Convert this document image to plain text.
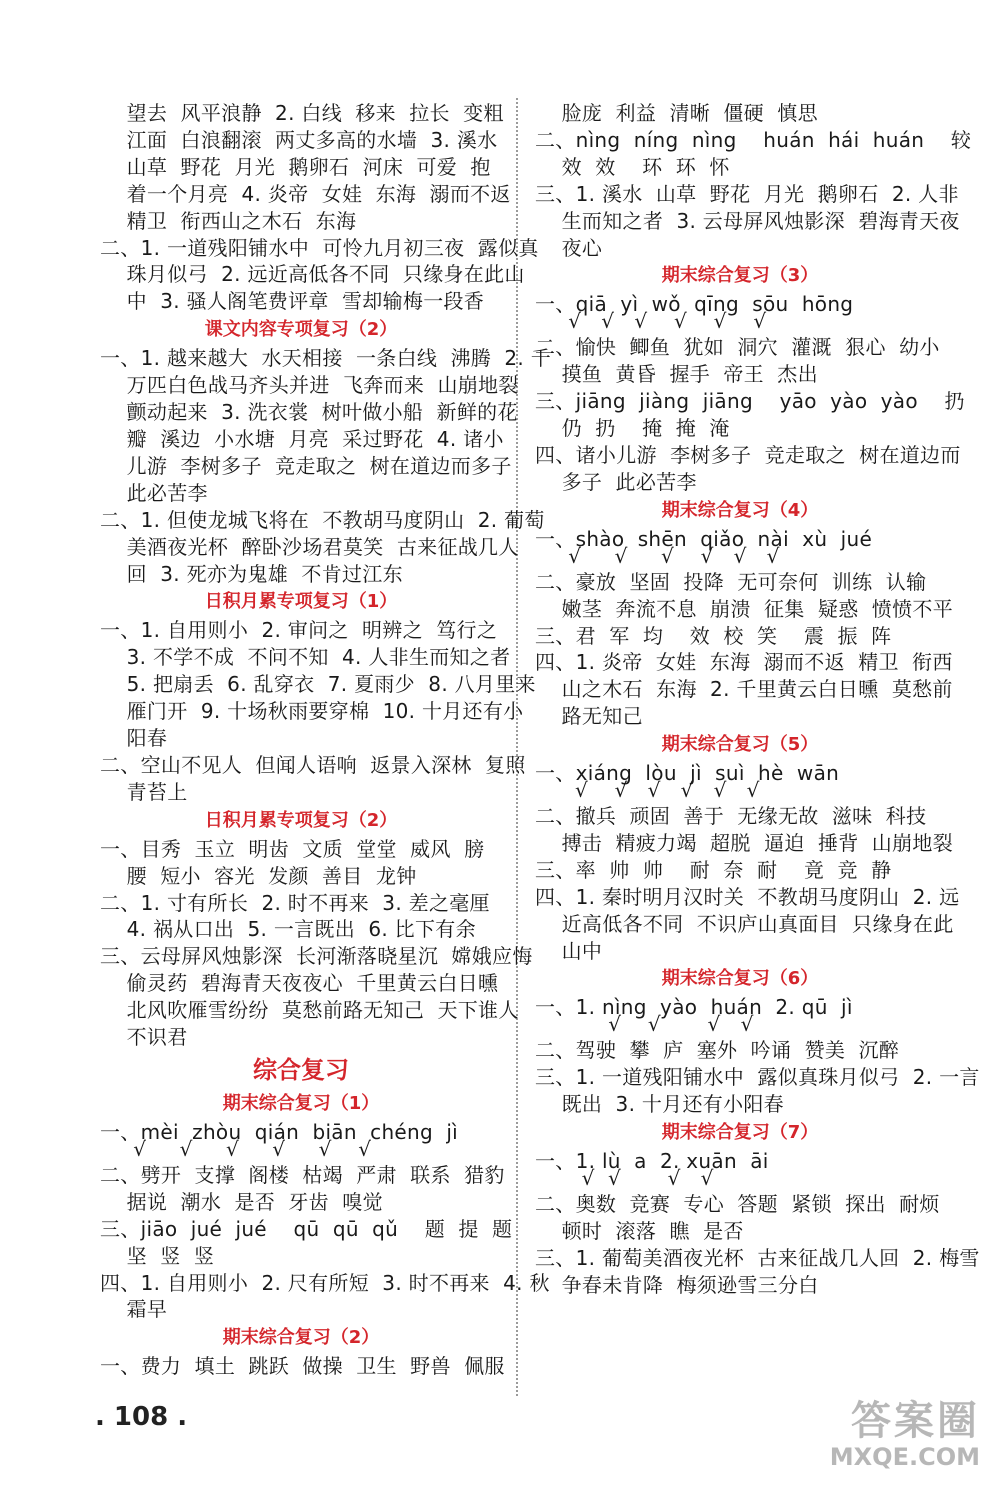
望去  风平浪静  2. 白线  移来  拉长  变粗
江面  白浪翻滚  两丈多高的水墙  3. 溪水
山草  野花  月光  鹅卵石  河床  可爱  抱
着一个月亮  4. 炎帝  女娃  东海  溺而不返
精卫  衔西山之木石  东海
二、1. 一道残阳铺水中  可怜九月初三夜  露似真
珠月似弓  2. 远近高低各不同  只缘身在此山
中  3. 骚人阁笔费评章  雪却输梅一段香
课文内容专项复习（2）
一、1. 越来越大  水天相接  一条白线  沸腾  2. 千
万匹白色战马齐头并进  飞奔而来  山崩地裂
颤动起来  3. 洗衣裳  树叶做小船  新鲜的花
瓣  溪边  小水塘  月亮  采过野花  4. 诸小
儿游  李树多子  竞走取之  树在道边而多子
此必苦李
二、1. 但使龙城飞将在  不教胡马度阴山  2. 葡萄
美酒夜光杯  醉卧沙场君莫笑  古来征战几人
回  3. 死亦为鬼雄  不肯过江东
日积月累专项复习（1）
一、1. 自用则小  2. 审问之  明辨之  笃行之
3. 不学不成  不问不知  4. 人非生而知之者
5. 把扇丢  6. 乱穿衣  7. 夏雨少  8. 八月里来
雁门开  9. 十场秋雨要穿棉  10. 十月还有小
阳春
二、空山不见人  但闻人语响  返景入深林  复照
青苔上
日积月累专项复习（2）
一、目秀  玉立  明齿  文质  堂堂  威风  膀
腰  短小  容光  发颜  善目  龙钟
二、1. 寸有所长  2. 时不再来  3. 差之毫厘
4. 祸从口出  5. 一言既出  6. 比下有余
三、云母屏风烛影深  长河渐落晓星沉  嫦娥应悔
偷灵药  碧海青天夜夜心  千里黄云白日曛
北风吹雁雪纷纷  莫愁前路无知己  天下谁人
不识君
综合复习
期末综合复习（1）
一、mèi  zhòu  qián  biān  chéng  jì
√     √     √     √     √    √
二、劈开  支撑  阁楼  枯竭  严肃  联系  猎豹
据说  潮水  是否  牙齿  嗅觉
三、jiāo  jué  jué    qū  qū  qǔ    题  提  题
坚  竖  竖
四、1. 自用则小  2. 尺有所短  3. 时不再来  4. 秋
霜早
期末综合复习（2）
一、费力  填土  跳跃  做操  卫生  野兽  佩服
脸庞  利益  清晰  僵硬  慎思
二、nìng  níng  nìng    huán  hái  huán    较
效  效    环  环  怀
三、1. 溪水  山草  野花  月光  鹅卵石  2. 人非
生而知之者  3. 云母屏风烛影深  碧海青天夜
夜心
期末综合复习（3）
一、qiā  yì  wǒ  qīng  sōu  hōng
√   √   √    √    √    √
二、愉快  鲫鱼  犹如  洞穴  灌溉  狠心  幼小
摸鱼  黄昏  握手  帝王  杰出
三、jiāng  jiàng  jiāng    yāo  yào  yào    扔
仍  扔    掩  掩  淹
四、诸小儿游  李树多子  竞走取之  树在道边而
多子  此必苦李
期末综合复习（4）
一、shào  shēn  qiǎo  nài  xù  jué
√     √     √    √   √   √
二、豪放  坚固  投降  无可奈何  训练  认输
嫩茎  奔流不息  崩溃  征集  疑惑  愤愤不平
三、君  军  均    效  校  笑    震  振  阵
四、1. 炎帝  女娃  东海  溺而不返  精卫  衔西
山之木石  东海  2. 千里黄云白日曛  莫愁前
路无知己
期末综合复习（5）
一、xiáng  lòu  jì  suì  hè  wān
√    √   √   √   √   √
二、撤兵  顽固  善于  无缘无故  滋味  科技
搏击  精疲力竭  超脱  逼迫  捶背  山崩地裂
三、率  帅  帅    耐  奈  耐    竟  竞  静
四、1. 秦时明月汉时关  不教胡马度阴山  2. 远
近高低各不同  不识庐山真面目  只缘身在此
山中
期末综合复习（6）
一、1. nìng  yào  huán  2. qū  jì
√    √       √   √
二、驾驶  攀  庐  塞外  吟诵  赞美  沉醉
三、1. 一道残阳铺水中  露似真珠月似弓  2. 一言
既出  3. 十月还有小阳春
期末综合复习（7）
一、1. lù  a  2. xuān  āi
√  √       √   √
二、奥数  竞赛  专心  答题  紧锁  探出  耐烦
顿时  滚落  瞧  是否
三、1. 葡萄美酒夜光杯  古来征战几人回  2. 梅雪
争春未肯降  梅须逊雪三分白
. 108 .	答案圈
MXQE.COM
